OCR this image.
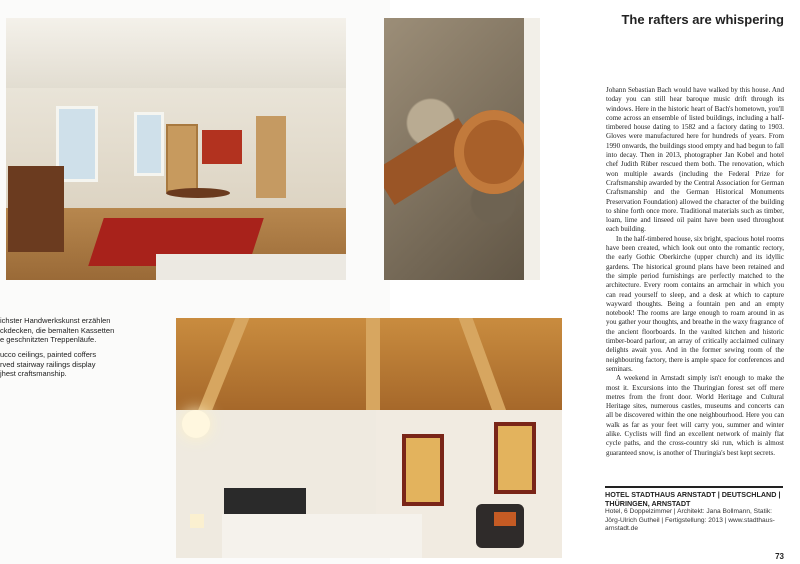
ichster Handwerkskunst erzählen
ckdecken, die bemalten Kassetten
e geschnitzten Treppenläufe.
ucco ceilings, painted coffers
rved stairway railings display
jhest craftsmanship.
The rafters are whispering

Johann Sebastian Bach would have walked by this house. And today you can still hear baroque music drift through its windows. Here in the historic heart of Bach's hometown, you'll come across an ensemble of listed buildings, including a half-timbered house dating to 1582 and a factory dating to 1903. Gloves were manufactured here for hundreds of years. From 1990 onwards, the buildings stood empty and had begun to fall into decay. Then in 2013, photographer Jan Kobel and hotel chef Judith Rüber rescued them both. The renovation, which won multiple awards (including the Federal Prize for Craftsmanship awarded by the Central Association for German Craftsmanship and the German Historical Monuments Preservation Foundation) allowed the character of the building to shine forth once more. Traditional materials such as timber, loam, lime and linseed oil paint have been used throughout each building.

In the half-timbered house, six bright, spacious hotel rooms have been created, which look out onto the romantic rectory, the early Gothic Oberkirche (upper church) and its idyllic gardens. The historical ground plans have been retained and the simple period furnishings are perfectly matched to the architecture. Every room contains an armchair in which you can read yourself to sleep, and a desk at which to capture wayward thoughts. Being a fountain pen and an empty notebook! The rooms are large enough to roam around in as you gather your thoughts, and breathe in the waxy fragrance of the ancient floorboards. In the vaulted kitchen and historic timber-board parlour, an array of critically acclaimed culinary delights await you. And in the former sewing room of the neighbouring factory, there is ample space for conferences and seminars.

A weekend in Arnstadt simply isn't enough to make the most it. Excursions into the Thuringian forest set off mere metres from the front door. World Heritage and Cultural Heritage sites, numerous castles, museums and concerts can all be discovered within the one neighbourhood. Here you can walk as far as your feet will carry you, summer and winter alike. Cyclists will find an excellent network of mainly flat cycle paths, and the cross-country ski run, which is almost guaranteed snow, is another of Thuringia's best kept secrets.

HOTEL STADTHAUS ARNSTADT | DEUTSCHLAND | THÜRINGEN, ARNSTADT
Hotel, 6 Doppelzimmer | Architekt: Jana Bollmann, Statik: Jörg-Ulrich Gutheil | Fertigstellung: 2013 | www.stadthaus-arnstadt.de
73
